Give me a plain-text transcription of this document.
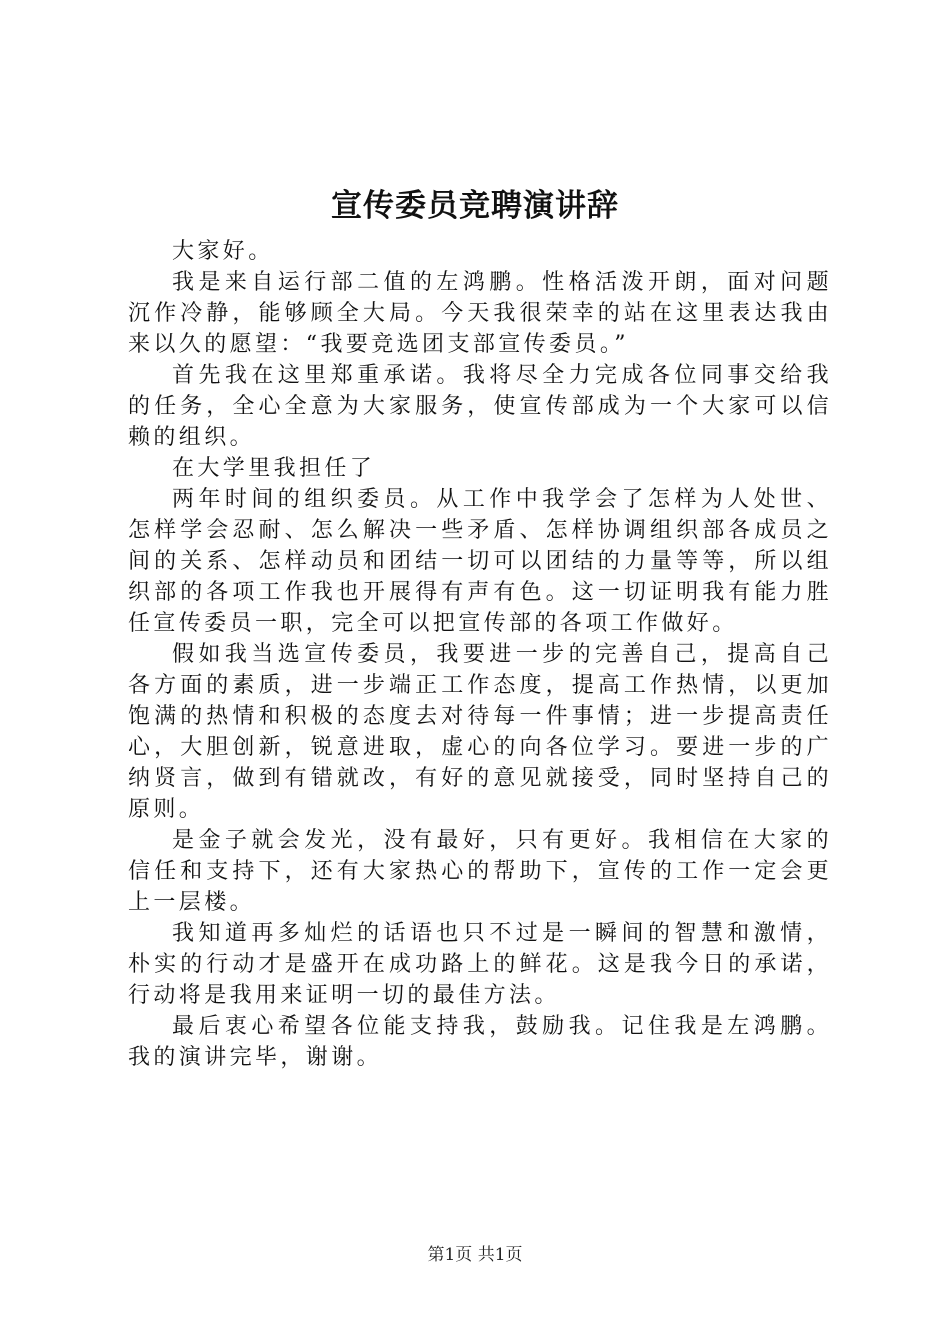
宣传委员竞聘演讲辞

大家好。

我是来自运行部二值的左鸿鹏。性格活泼开朗，面对问题沉作冷静，能够顾全大局。今天我很荣幸的站在这里表达我由来以久的愿望：“我要竞选团支部宣传委员。”

首先我在这里郑重承诺。我将尽全力完成各位同事交给我的任务，全心全意为大家服务，使宣传部成为一个大家可以信赖的组织。

在大学里我担任了

两年时间的组织委员。从工作中我学会了怎样为人处世、怎样学会忍耐、怎么解决一些矛盾、怎样协调组织部各成员之间的关系、怎样动员和团结一切可以团结的力量等等，所以组织部的各项工作我也开展得有声有色。这一切证明我有能力胜任宣传委员一职，完全可以把宣传部的各项工作做好。

假如我当选宣传委员，我要进一步的完善自己，提高自己各方面的素质，进一步端正工作态度，提高工作热情，以更加饱满的热情和积极的态度去对待每一件事情；进一步提高责任心，大胆创新，锐意进取，虚心的向各位学习。要进一步的广纳贤言，做到有错就改，有好的意见就接受，同时坚持自己的原则。

是金子就会发光，没有最好，只有更好。我相信在大家的信任和支持下，还有大家热心的帮助下，宣传的工作一定会更上一层楼。

我知道再多灿烂的话语也只不过是一瞬间的智慧和激情，朴实的行动才是盛开在成功路上的鲜花。这是我今日的承诺，行动将是我用来证明一切的最佳方法。

最后衷心希望各位能支持我，鼓励我。记住我是左鸿鹏。我的演讲完毕，谢谢。

第1页 共1页
